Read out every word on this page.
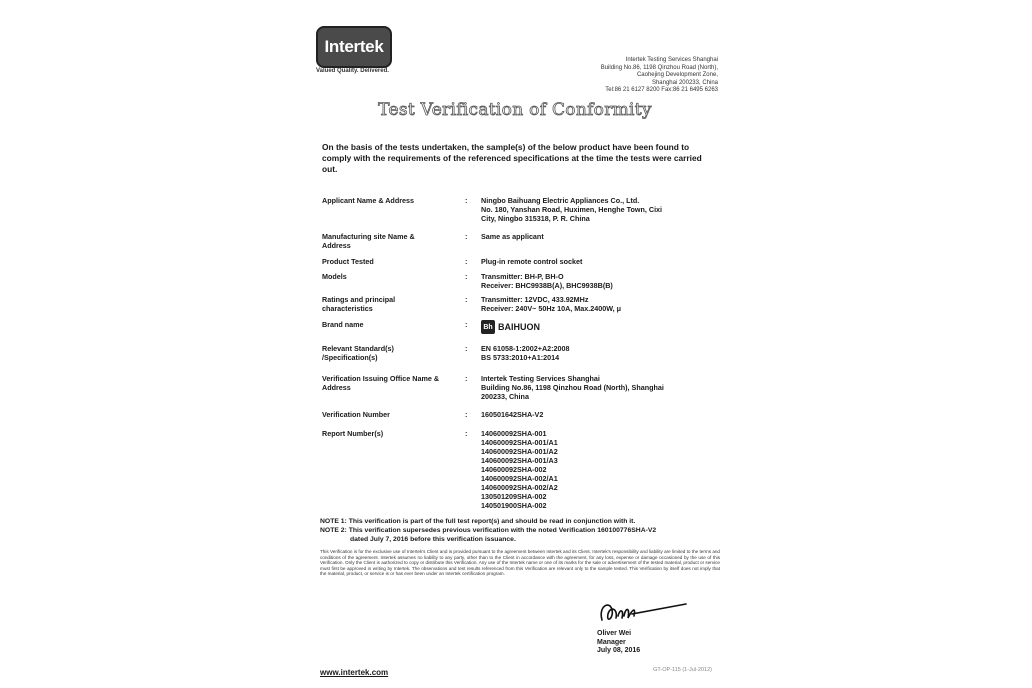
Intertek
Valued Quality. Delivered.
Intertek Testing Services Shanghai
Building No.86, 1198 Qinzhou Road (North),
Caohejing Development Zone,
Shanghai 200233, China
Tel:86 21 6127 8200 Fax:86 21 6495 6263
Test Verification of Conformity
On the basis of the tests undertaken, the sample(s) of the below product have been found to comply with the requirements of the referenced specifications at the time the tests were carried out.
Applicant Name & Address	: Ningbo Baihuang Electric Appliances Co., Ltd.
No. 180, Yanshan Road, Huximen, Henghe Town, Cixi
City, Ningbo 315318, P. R. China
Manufacturing site Name &
Address
: Same as applicant
Product Tested	: Plug-in remote control socket
Models	: Transmitter: BH-P, BH-O
Receiver: BHC9938B(A), BHC9938B(B)
Ratings and principal
characteristics
: Transmitter: 12VDC, 433.92MHz
Receiver: 240V~ 50Hz 10A, Max.2400W, μ
Brand name	:	Bh BAIHUON
Relevant Standard(s)
/Specification(s)
: EN 61058-1:2002+A2:2008
BS 5733:2010+A1:2014
Verification Issuing Office Name &
Address
: Intertek Testing Services Shanghai
Building No.86, 1198 Qinzhou Road (North), Shanghai
200233, China
Verification Number	: 160501642SHA-V2
Report Number(s)	: 140600092SHA-001
140600092SHA-001/A1
140600092SHA-001/A2
140600092SHA-001/A3
140600092SHA-002
140600092SHA-002/A1
140600092SHA-002/A2
130501209SHA-002
140501900SHA-002
NOTE 1: This verification is part of the full test report(s) and should be read in conjunction with it.
NOTE 2: This verification supersedes previous verification with the noted Verification 160100776SHA-V2
dated July 7, 2016 before this verification issuance.
This Verification is for the exclusive use of Intertek's Client and is provided pursuant to the agreement between Intertek and its Client. Intertek's responsibility and liability are limited to the terms and conditions of the agreement. Intertek assumes no liability to any party, other than to the Client in accordance with the agreement, for any loss, expense or damage occasioned by the use of this Verification. Only the Client is authorized to copy or distribute this Verification. Any use of the Intertek name or one of its marks for the sale or advertisement of the tested material, product or service must first be approved in writing by Intertek. The observations and test results referenced from this Verification are relevant only to the sample tested. This Verification by itself does not imply that the material, product, or service is or has ever been under an Intertek certification program.
Oliver Wei
Manager
July 08, 2016
www.intertek.com	GT-OP-115 (1-Jul-2012)
